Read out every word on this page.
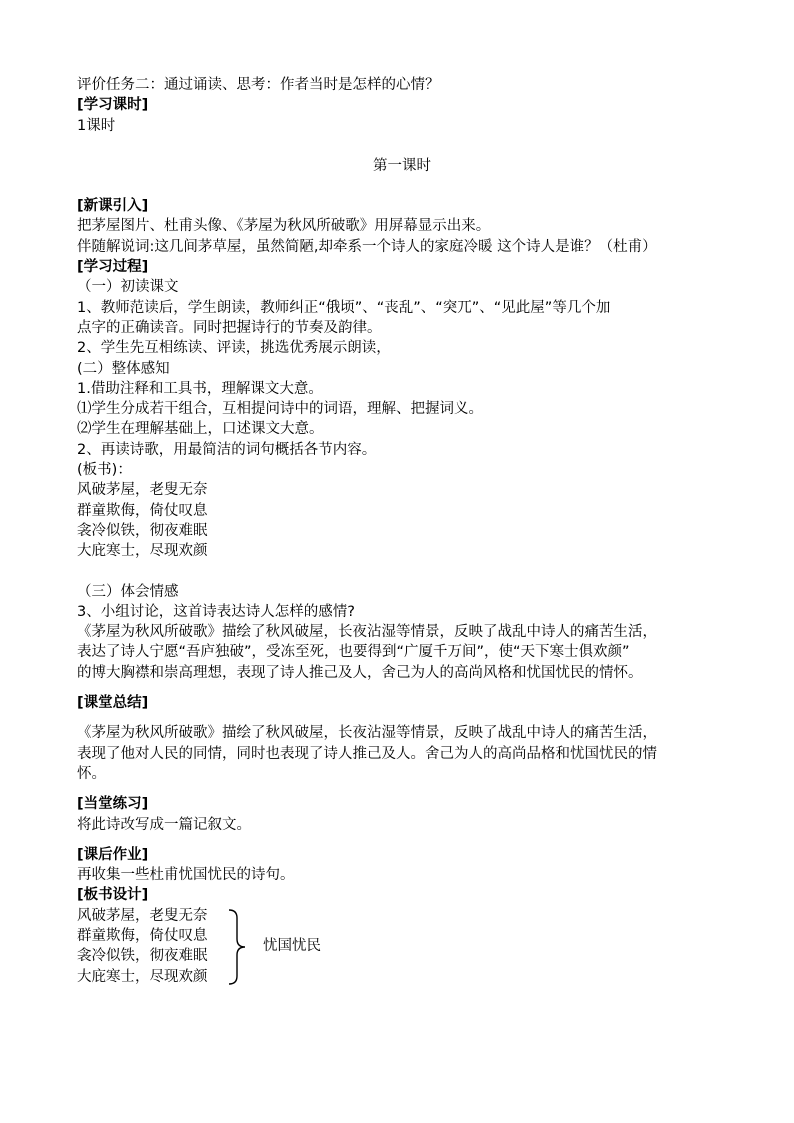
评价任务二：通过诵读、思考：作者当时是怎样的心情？
[学习课时]
1课时
第一课时
[新课引入]
把茅屋图片、杜甫头像、《茅屋为秋风所破歌》用屏幕显示出来。
伴随解说词:这几间茅草屋，虽然简陋,却牵系一个诗人的家庭冷暖 这个诗人是谁？（杜甫）
[学习过程]
（一）初读课文
1、教师范读后，学生朗读，教师纠正“俄顷”、“丧乱”、“突兀”、“见此屋”等几个加
点字的正确读音。同时把握诗行的节奏及韵律。
2、学生先互相练读、评读，挑选优秀展示朗读，
(二）整体感知
1.借助注释和工具书，理解课文大意。
⑴学生分成若干组合，互相提问诗中的词语，理解、把握词义。
⑵学生在理解基础上，口述课文大意。
2、再读诗歌，用最简洁的词句概括各节内容。
(板书)：
风破茅屋，老叟无奈
群童欺侮，倚仗叹息
衾冷似铁，彻夜难眠
大庇寒士，尽现欢颜
（三）体会情感
3、小组讨论，这首诗表达诗人怎样的感情?
《茅屋为秋风所破歌》描绘了秋风破屋，长夜沾湿等情景，反映了战乱中诗人的痛苦生活，
表达了诗人宁愿“吾庐独破”，受冻至死，也要得到“广厦千万间”，使“天下寒士俱欢颜”
的博大胸襟和崇高理想，表现了诗人推己及人，舍己为人的高尚风格和忧国忧民的情怀。
[课堂总结]
《茅屋为秋风所破歌》描绘了秋风破屋，长夜沾湿等情景，反映了战乱中诗人的痛苦生活，
表现了他对人民的同情，同时也表现了诗人推己及人。舍己为人的高尚品格和忧国忧民的情
怀。
[当堂练习]
将此诗改写成一篇记叙文。
[课后作业]
再收集一些杜甫忧国忧民的诗句。
[板书设计]
风破茅屋，老叟无奈
群童欺侮，倚仗叹息
衾冷似铁，彻夜难眠
大庇寒士，尽现欢颜
忧国忧民
